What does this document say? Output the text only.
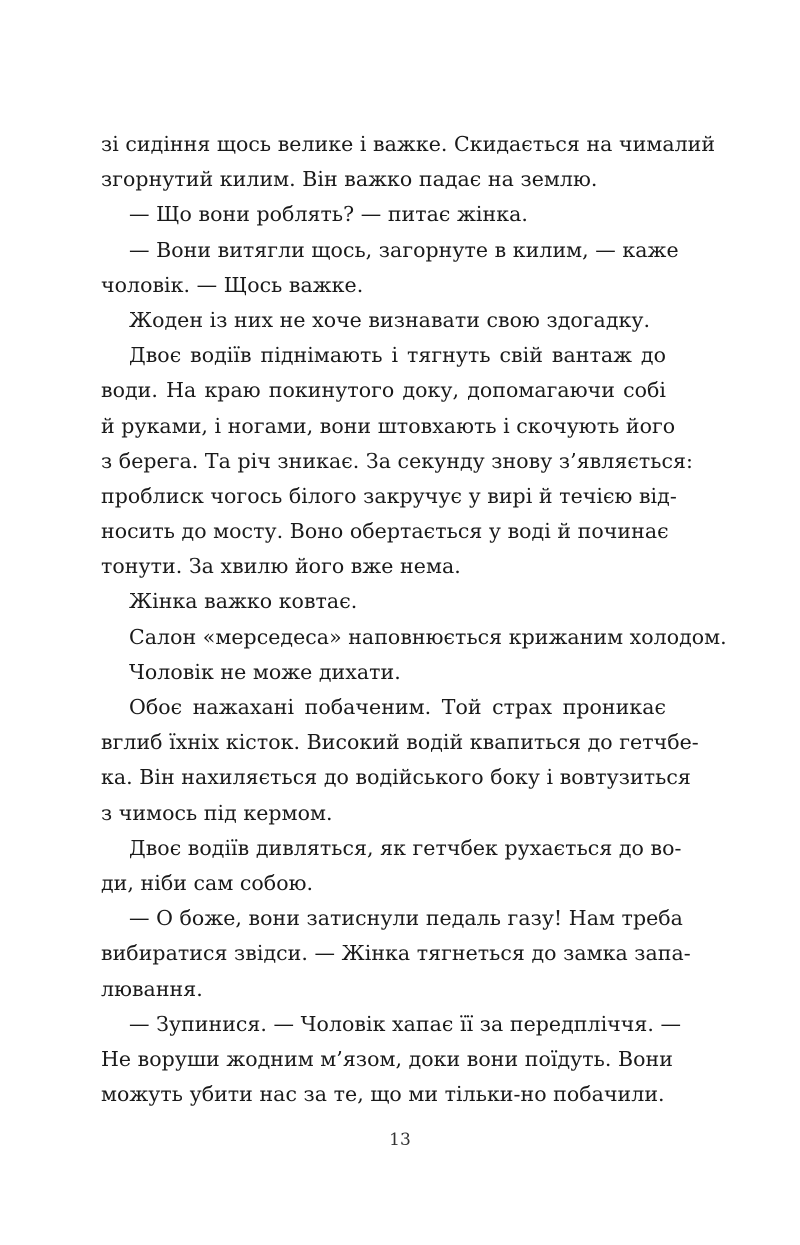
зі сидіння щось велике і важке. Скидається на чималий
згорнутий килим. Він важко падає на землю.
— Що вони роблять? — питає жінка.
— Вони витягли щось, загорнуте в килим, — каже
чоловік. — Щось важке.
Жоден із них не хоче визнавати свою здогадку.
Двоє водіїв піднімають і тягнуть свій вантаж до
води. На краю покинутого доку, допомагаючи собі
й руками, і ногами, вони штовхають і скочують його
з берега. Та річ зникає. За секунду знову з’являється:
проблиск чогось білого закручує у вирі й течією від-
носить до мосту. Воно обертається у воді й починає
тонути. За хвилю його вже нема.
Жінка важко ковтає.
Салон «мерседеса» наповнюється крижаним холодом.
Чоловік не може дихати.
Обоє нажахані побаченим. Той страх проникає
вглиб їхніх кісток. Високий водій квапиться до гетчбе-
ка. Він нахиляється до водійського боку і вовтузиться
з чимось під кермом.
Двоє водіїв дивляться, як гетчбек рухається до во-
ди, ніби сам собою.
— О боже, вони затиснули педаль газу! Нам треба
вибиратися звідси. — Жінка тягнеться до замка запа-
лювання.
— Зупинися. — Чоловік хапає її за передпліччя. —
Не воруши жодним м’язом, доки вони поїдуть. Вони
можуть убити нас за те, що ми тільки-но побачили.
13
